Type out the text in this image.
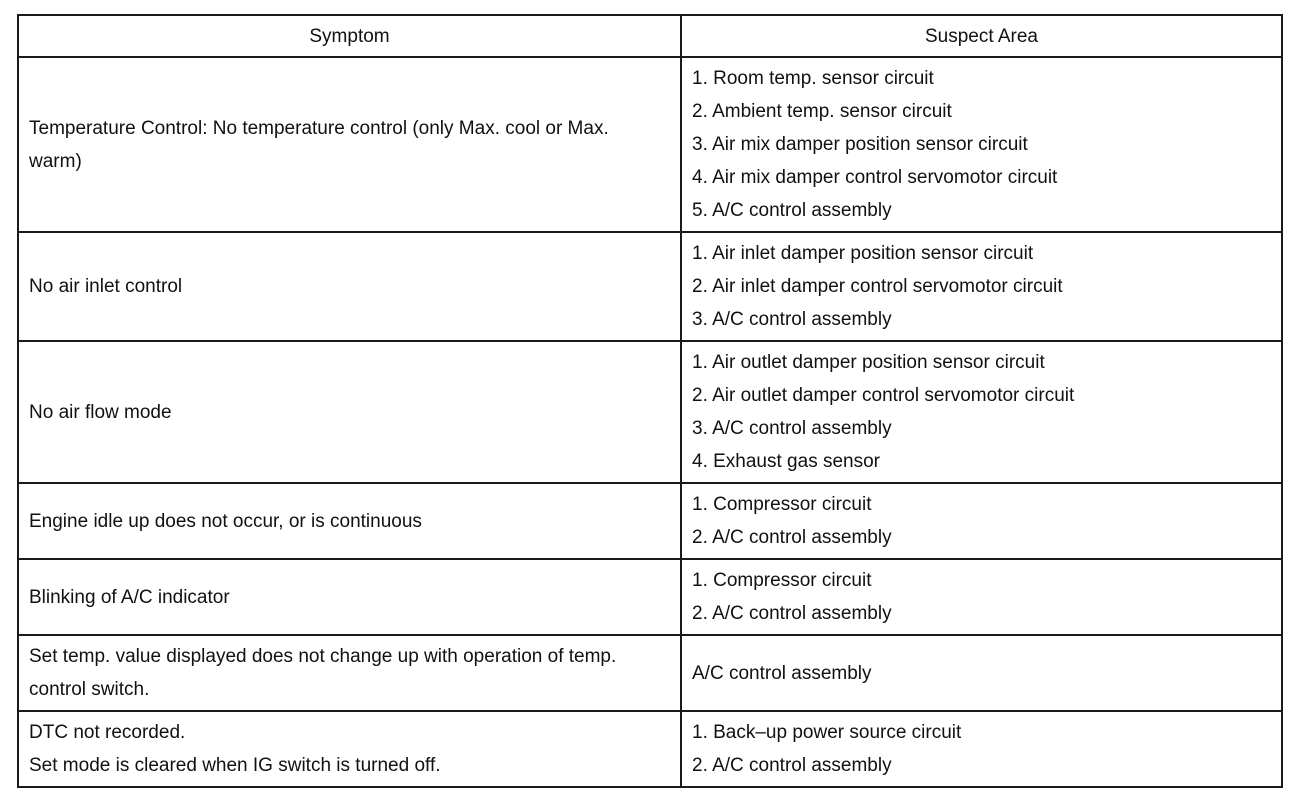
Symptom	Suspect Area

Temperature Control: No temperature control (only Max. cool or Max. warm)	1. Room temp. sensor circuit
2. Ambient temp. sensor circuit
3. Air mix damper position sensor circuit
4. Air mix damper control servomotor circuit
5. A/C control assembly

No air inlet control	1. Air inlet damper position sensor circuit
2. Air inlet damper control servomotor circuit
3. A/C control assembly

No air flow mode	1. Air outlet damper position sensor circuit
2. Air outlet damper control servomotor circuit
3. A/C control assembly
4. Exhaust gas sensor

Engine idle up does not occur, or is continuous	1. Compressor circuit
2. A/C control assembly

Blinking of A/C indicator	1. Compressor circuit
2. A/C control assembly

Set temp. value displayed does not change up with operation of temp. control switch.	A/C control assembly

DTC not recorded.
Set mode is cleared when IG switch is turned off.	1. Back–up power source circuit
2. A/C control assembly
